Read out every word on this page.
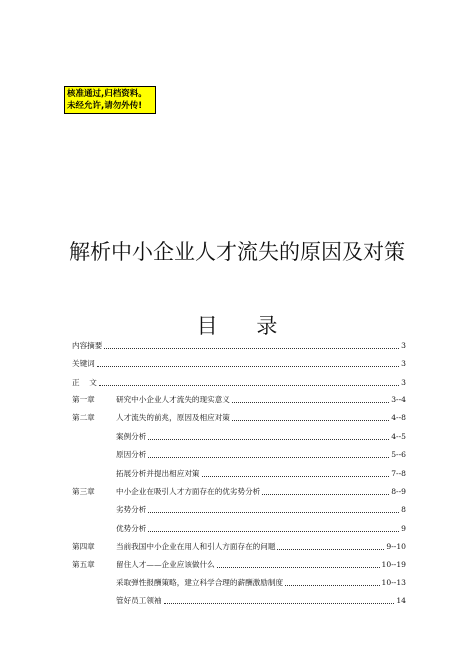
核准通过,归档资料。
未经允许,请勿外传!
解析中小企业人才流失的原因及对策
目 录
内容摘要	3
关键词	3
正    文	3
第一章	研究中小企业人才流失的现实意义	3--4
第二章	人才流失的前兆，原因及相应对策	4--8
案例分析	4--5
原因分析	5--6
拓展分析并提出相应对策	7--8
第三章	中小企业在吸引人才方面存在的优劣势分析	8--9
劣势分析	8
优势分析	9
第四章	当前我国中小企业在用人和引人方面存在的问题	9--10
第五章	留住人才——企业应该做什么	10--19
采取弹性报酬策略，建立科学合理的薪酬激励制度	10--13
管好员工领袖	14
